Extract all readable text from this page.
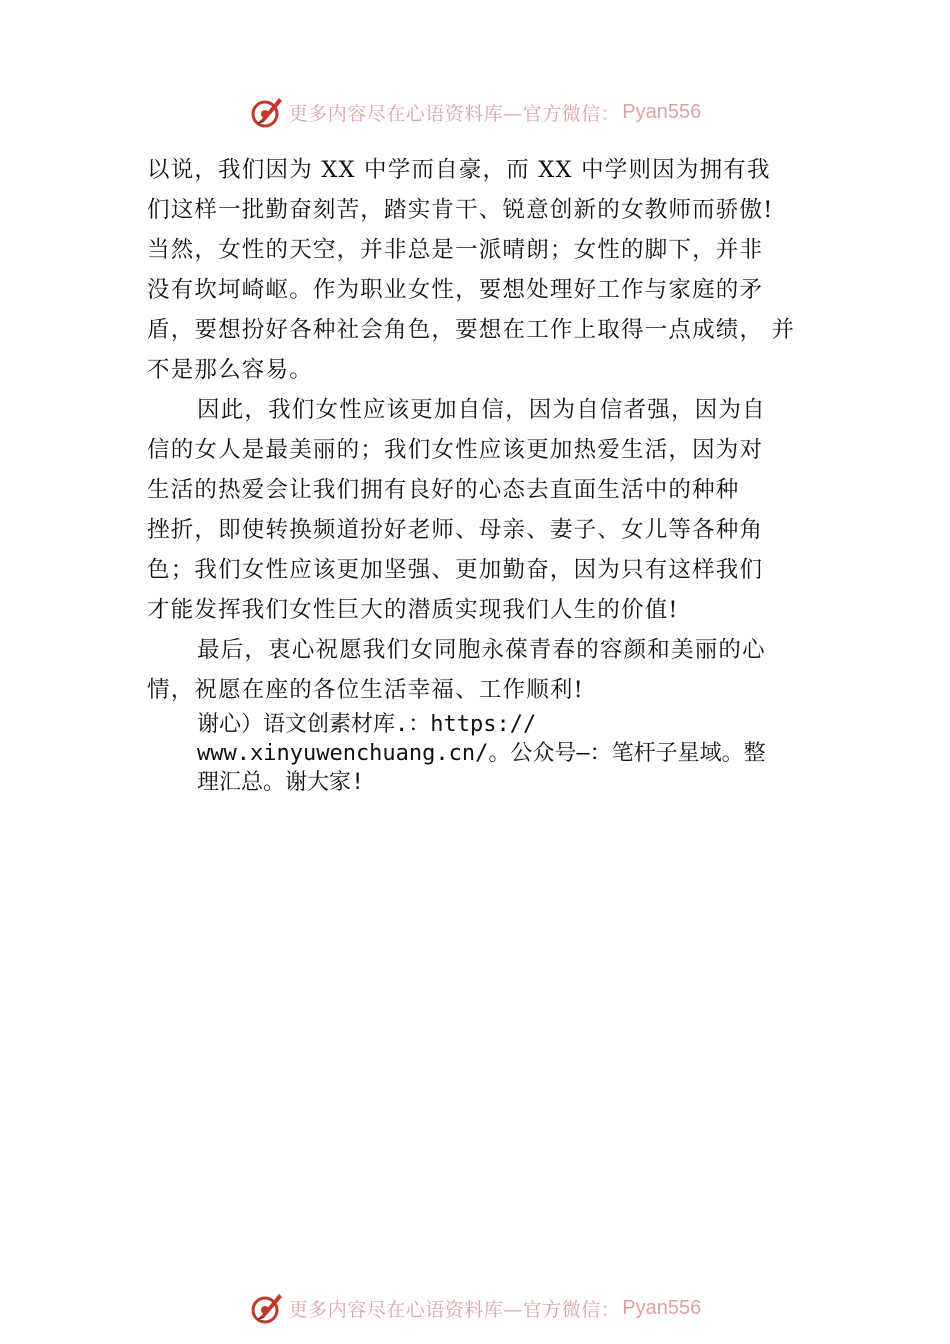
更多内容尽在心语资料库—官方微信： Pyan556
以说，我们因为 XX 中学而自豪，而 XX 中学则因为拥有我
们这样一批勤奋刻苦，踏实肯干、锐意创新的女教师而骄傲!
当然，女性的天空，并非总是一派晴朗；女性的脚下，并非
没有坎坷崎岖。作为职业女性，要想处理好工作与家庭的矛
盾，要想扮好各种社会角色，要想在工作上取得一点成绩， 并
不是那么容易。
因此，我们女性应该更加自信，因为自信者强，因为自
信的女人是最美丽的；我们女性应该更加热爱生活，因为对
生活的热爱会让我们拥有良好的心态去直面生活中的种种
挫折，即使转换频道扮好老师、母亲、妻子、女儿等各种角
色；我们女性应该更加坚强、更加勤奋，因为只有这样我们
才能发挥我们女性巨大的潜质实现我们人生的价值!
最后，衷心祝愿我们女同胞永葆青春的容颜和美丽的心
情，祝愿在座的各位生活幸福、工作顺利!
谢心）语文创素材库.：https://
www.xinyuwenchuang.cn/。公众号—：笔杆子星域。整
理汇总。谢大家!
更多内容尽在心语资料库—官方微信： Pyan556
